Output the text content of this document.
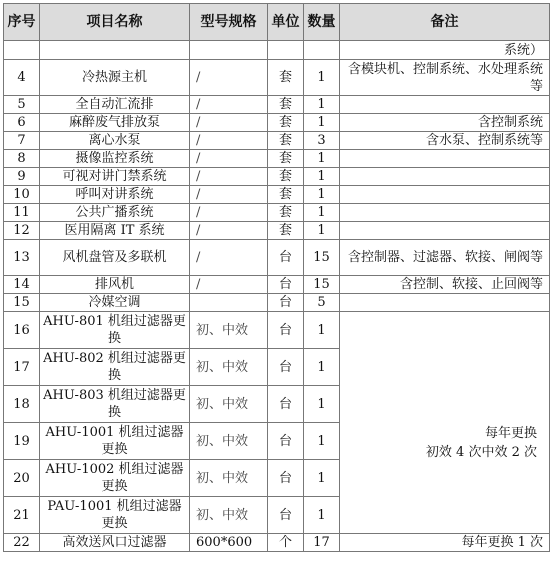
序号	项目名称	型号规格	单位	数量	备注
					系统）
4	冷热源主机	/	套	1	含模块机、控制系统、水处理系统等
5	全自动汇流排	/	套	1	
6	麻醉废气排放泵	/	套	1	含控制系统
7	离心水泵	/	套	3	含水泵、控制系统等
8	摄像监控系统	/	套	1	
9	可视对讲门禁系统	/	套	1	
10	呼叫对讲系统	/	套	1	
11	公共广播系统	/	套	1	
12	医用隔离 IT 系统	/	套	1	
13	风机盘管及多联机	/	台	15	含控制器、过滤器、软接、闸阀等
14	排风机	/	台	15	含控制、软接、止回阀等
15	冷媒空调		台	5	
16	AHU-801 机组过滤器更换	初、中效	台	1	每年更换
初效 4 次中效 2 次

17	AHU-802 机组过滤器更换	初、中效	台	1	
18	AHU-803 机组过滤器更换	初、中效	台	1	
19	AHU-1001 机组过滤器更换	初、中效	台	1	
20	AHU-1002 机组过滤器更换	初、中效	台	1	
21	PAU-1001 机组过滤器更换	初、中效	台	1	
22	高效送风口过滤器	600*600	个	17	每年更换 1 次
